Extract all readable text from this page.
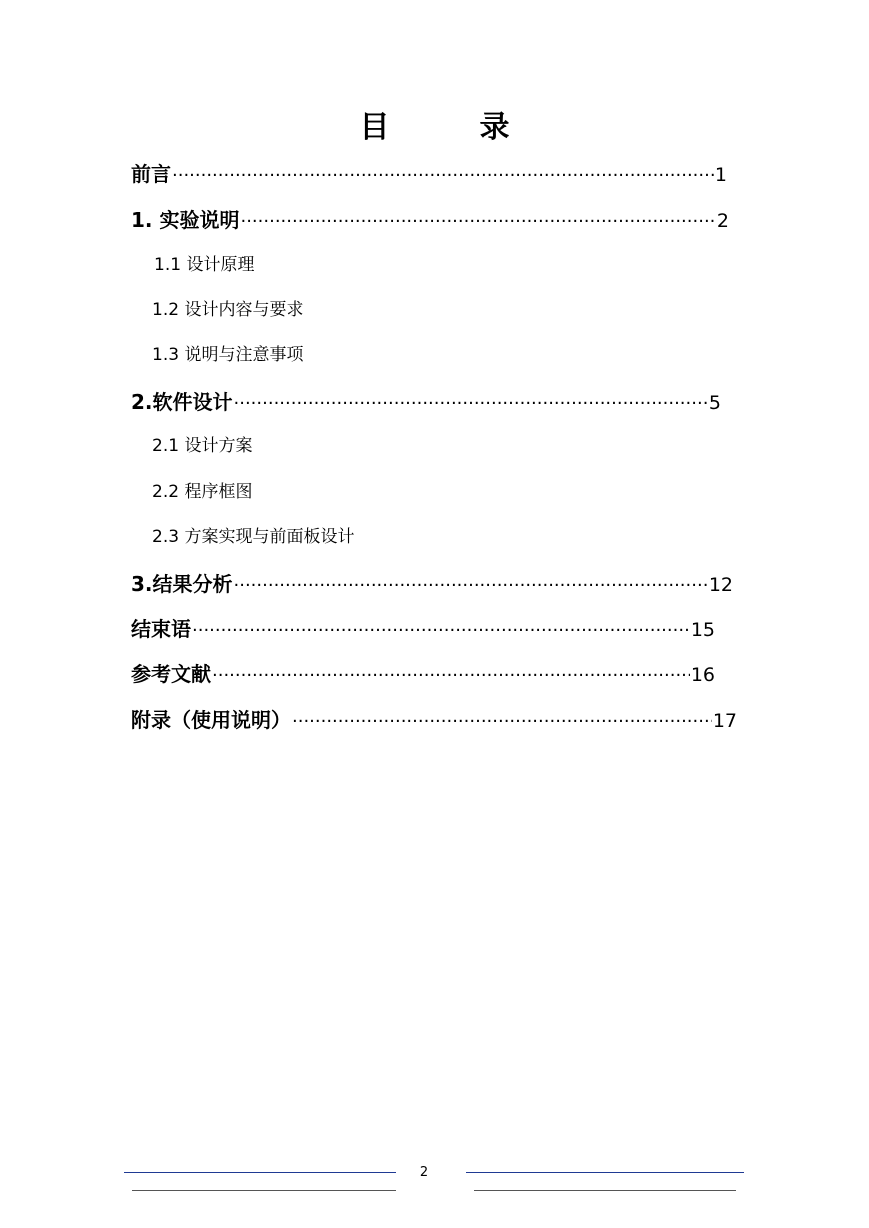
目　录
前言 ·····	1
1. 实验说明 ·····	2
1.1 设计原理
1.2 设计内容与要求
1.3 说明与注意事项
2.软件设计 ·····	5
2.1 设计方案
2.2 程序框图
2.3 方案实现与前面板设计
3.结果分析 ·····	12
结束语 ·····	15
参考文献 ·····	16
附录（使用说明） ·····	17
2
